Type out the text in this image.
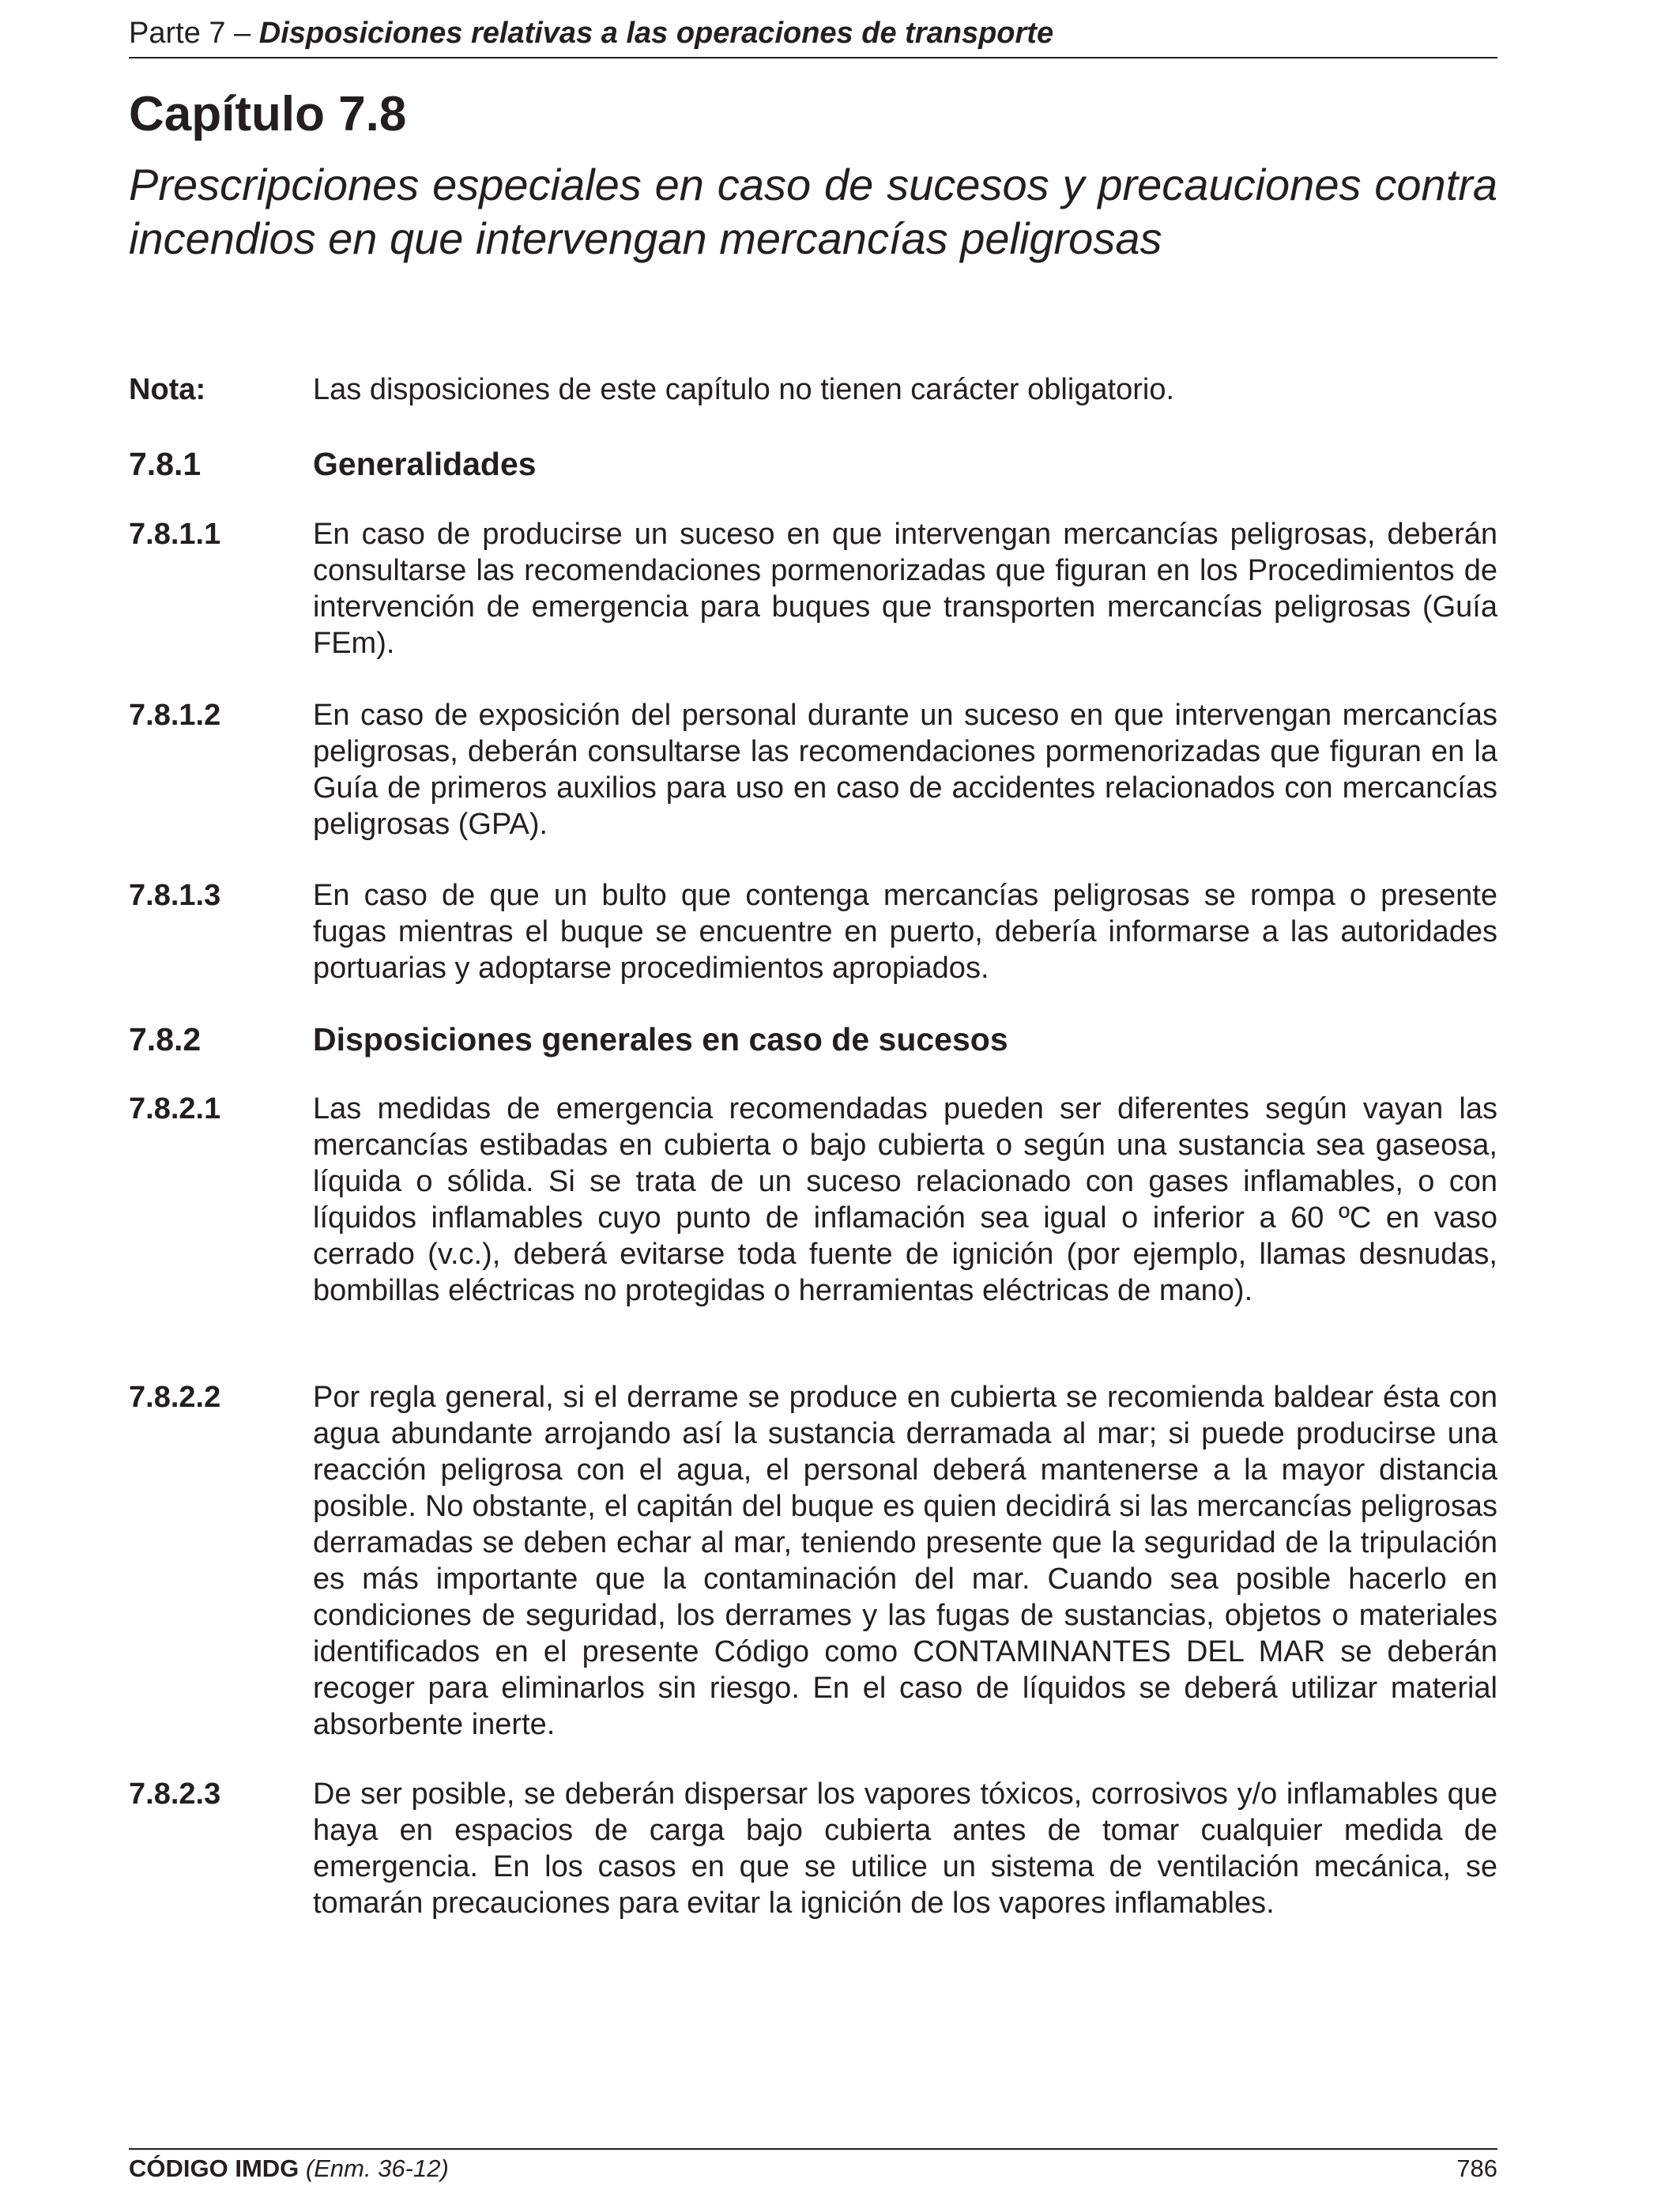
Parte 7 – Disposiciones relativas a las operaciones de transporte
Capítulo 7.8
Prescripciones especiales en caso de sucesos y precauciones contra incendios en que intervengan mercancías peligrosas
Nota:	Las disposiciones de este capítulo no tienen carácter obligatorio.
7.8.1	Generalidades
7.8.1.1	En caso de producirse un suceso en que intervengan mercancías peligrosas, deberán consultarse las recomendaciones pormenorizadas que figuran en los Procedimientos de intervención de emergencia para buques que transporten mercancías peligrosas (Guía FEm).
7.8.1.2	En caso de exposición del personal durante un suceso en que intervengan mercancías peligrosas, deberán consultarse las recomendaciones pormenorizadas que figuran en la Guía de primeros auxilios para uso en caso de accidentes relacionados con mercancías peligrosas (GPA).
7.8.1.3	En caso de que un bulto que contenga mercancías peligrosas se rompa o presente fugas mientras el buque se encuentre en puerto, debería informarse a las autoridades portuarias y adoptarse procedimientos apropiados.
7.8.2	Disposiciones generales en caso de sucesos
7.8.2.1	Las medidas de emergencia recomendadas pueden ser diferentes según vayan las mercancías estibadas en cubierta o bajo cubierta o según una sustancia sea gaseosa, líquida o sólida. Si se trata de un suceso relacionado con gases inflamables, o con líquidos inflamables cuyo punto de inflamación sea igual o inferior a 60 ºC en vaso cerrado (v.c.), deberá evitarse toda fuente de ignición (por ejemplo, llamas desnudas, bombillas eléctricas no protegidas o herramientas eléctricas de mano).
7.8.2.2	Por regla general, si el derrame se produce en cubierta se recomienda baldear ésta con agua abundante arrojando así la sustancia derramada al mar; si puede producirse una reacción peligrosa con el agua, el personal deberá mantenerse a la mayor distancia posible. No obstante, el capitán del buque es quien decidirá si las mercancías peligrosas derramadas se deben echar al mar, teniendo presente que la seguridad de la tripulación es más importante que la contaminación del mar. Cuando sea posible hacerlo en condiciones de seguridad, los derrames y las fugas de sustancias, objetos o materiales identificados en el presente Código como CONTAMINANTES DEL MAR se deberán recoger para eliminarlos sin riesgo. En el caso de líquidos se deberá utilizar material absorbente inerte.
7.8.2.3	De ser posible, se deberán dispersar los vapores tóxicos, corrosivos y/o inflamables que haya en espacios de carga bajo cubierta antes de tomar cualquier medida de emergencia. En los casos en que se utilice un sistema de ventilación mecánica, se tomarán precauciones para evitar la ignición de los vapores inflamables.
CÓDIGO IMDG (Enm. 36-12)	786
